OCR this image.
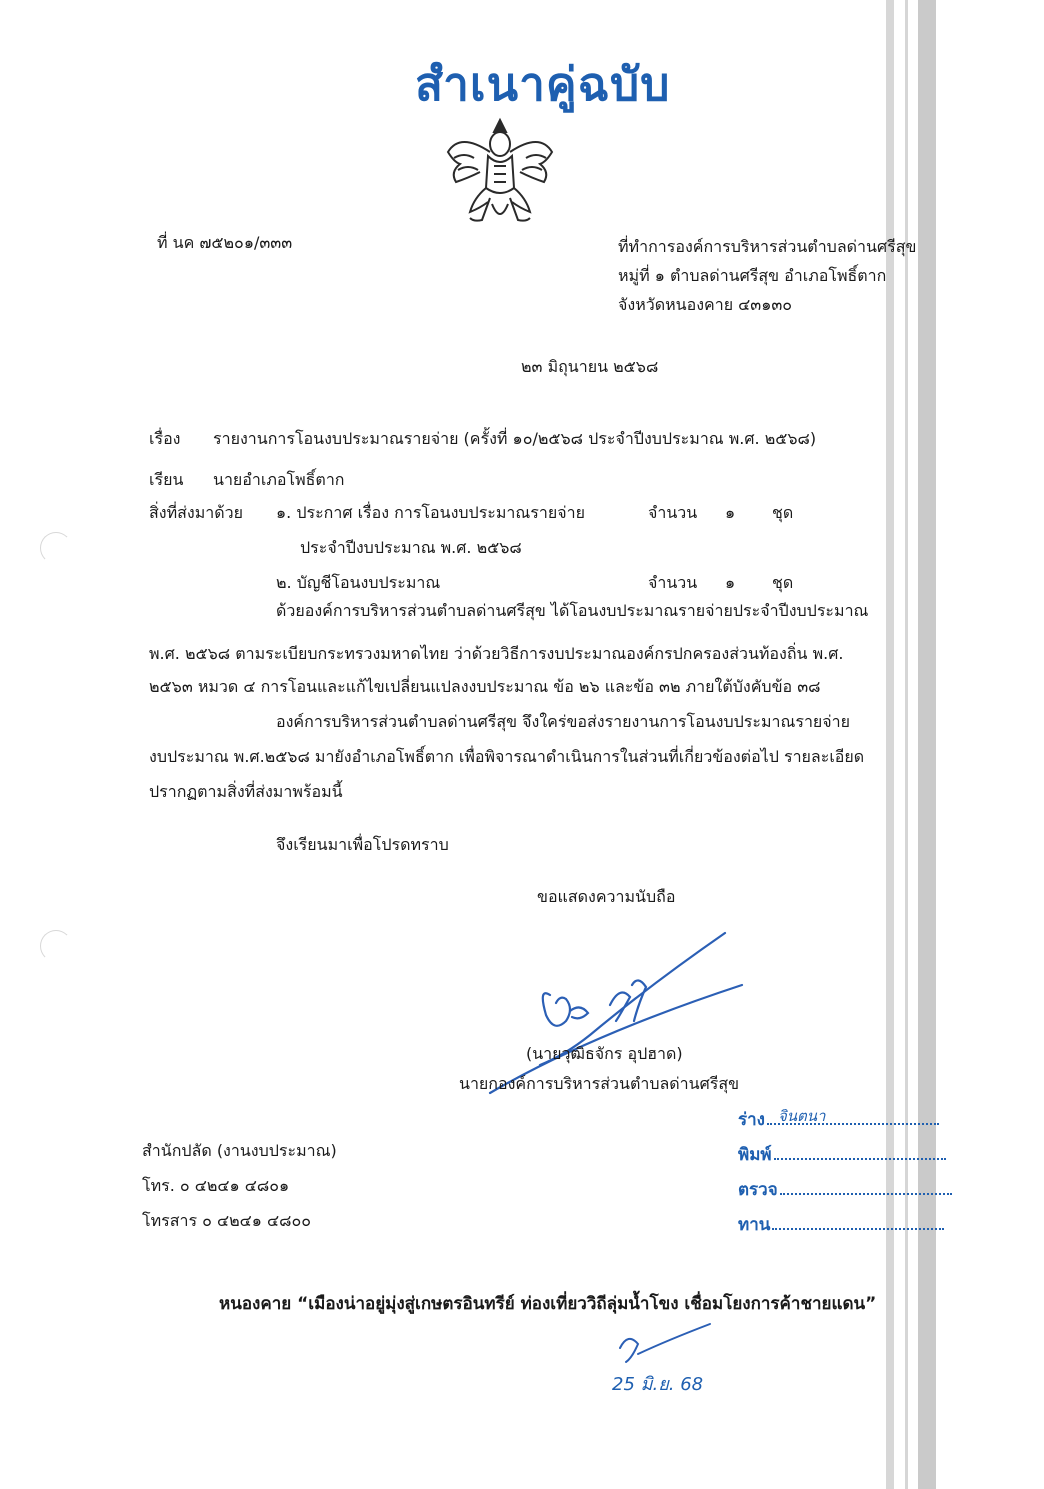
สำเนาคู่ฉบับ
ที่ นค ๗๕๒๐๑/๓๓๓	ที่ทำการองค์การบริหารส่วนตำบลด่านศรีสุข
หมู่ที่ ๑ ตำบลด่านศรีสุข อำเภอโพธิ์ตาก
จังหวัดหนองคาย ๔๓๑๓๐
๒๓ มิถุนายน ๒๕๖๘
เรื่อง รายงานการโอนงบประมาณรายจ่าย (ครั้งที่ ๑๐/๒๕๖๘ ประจำปีงบประมาณ พ.ศ. ๒๕๖๘)
เรียน นายอำเภอโพธิ์ตาก
สิ่งที่ส่งมาด้วย ๑. ประกาศ เรื่อง การโอนงบประมาณรายจ่าย
ประจำปีงบประมาณ พ.ศ. ๒๕๖๘
จำนวน ๑ ชุด
๒. บัญชีโอนงบประมาณ	จำนวน ๑ ชุด
ด้วยองค์การบริหารส่วนตำบลด่านศรีสุข ได้โอนงบประมาณรายจ่ายประจำปีงบประมาณ
พ.ศ. ๒๕๖๘ ตามระเบียบกระทรวงมหาดไทย ว่าด้วยวิธีการงบประมาณองค์กรปกครองส่วนท้องถิ่น พ.ศ.
๒๕๖๓ หมวด ๔ การโอนและแก้ไขเปลี่ยนแปลงงบประมาณ ข้อ ๒๖ และข้อ ๓๒ ภายใต้บังคับข้อ ๓๘
องค์การบริหารส่วนตำบลด่านศรีสุข จึงใคร่ขอส่งรายงานการโอนงบประมาณรายจ่าย
งบประมาณ พ.ศ.๒๕๖๘ มายังอำเภอโพธิ์ตาก เพื่อพิจารณาดำเนินการในส่วนที่เกี่ยวข้องต่อไป รายละเอียด
ปรากฏตามสิ่งที่ส่งมาพร้อมนี้
จึงเรียนมาเพื่อโปรดทราบ
ขอแสดงความนับถือ
(นายวุฒิธจักร อุปฮาด)
นายกองค์การบริหารส่วนตำบลด่านศรีสุข
สำนักปลัด (งานงบประมาณ)
โทร. ๐ ๔๒๔๑ ๔๘๐๑
โทรสาร ๐ ๔๒๔๑ ๔๘๐๐
ร่าง
พิมพ์
ตรวจ
ทาน
จินตนา
หนองคาย “เมืองน่าอยู่มุ่งสู่เกษตรอินทรีย์ ท่องเที่ยววิถีลุ่มน้ำโขง เชื่อมโยงการค้าชายแดน”
25 มิ.ย. 68
